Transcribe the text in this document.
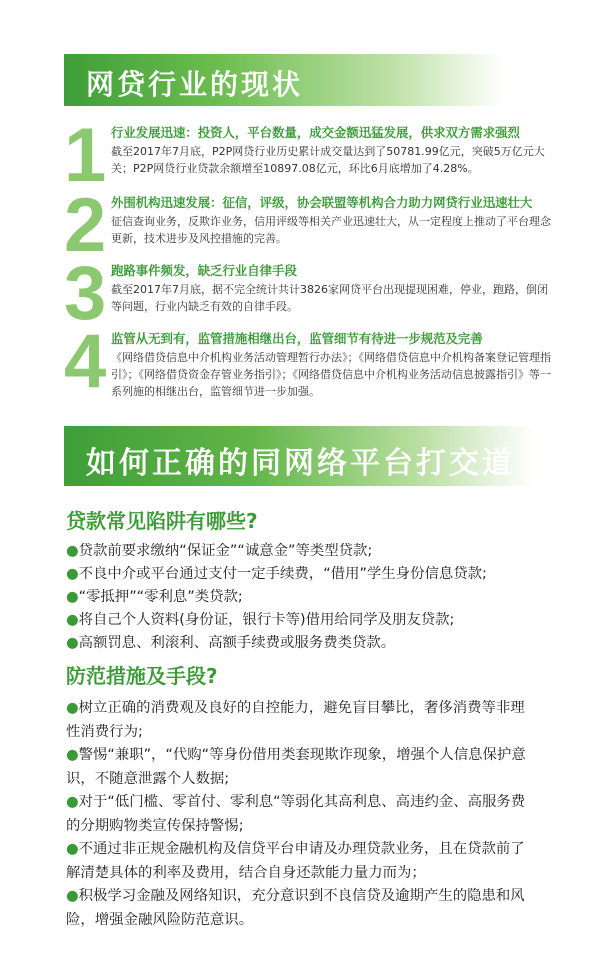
网贷行业的现状
1 行业发展迅速：投资人，平台数量，成交金额迅猛发展，供求双方需求强烈
截至2017年7月底，P2P网贷行业历史累计成交量达到了50781.99亿元，突破5万亿元大关；P2P网贷行业贷款余额增至10897.08亿元，环比6月底增加了4.28%。
2 外围机构迅速发展：征信，评级，协会联盟等机构合力助力网贷行业迅速壮大
征信查询业务，反欺诈业务，信用评级等相关产业迅速壮大，从一定程度上推动了平台理念更新，技术进步及风控措施的完善。
3 跑路事件频发，缺乏行业自律手段
截至2017年7月底，据不完全统计共计3826家网贷平台出现提现困难，停业，跑路，倒闭等问题，行业内缺乏有效的自律手段。
4 监管从无到有，监管措施相继出台，监管细节有待进一步规范及完善
《网络借贷信息中介机构业务活动管理暂行办法》；《网络借贷信息中介机构备案登记管理指引》；《网络借贷资金存管业务指引》；《网络借贷信息中介机构业务活动信息披露指引》等一系列施的相继出台，监管细节进一步加强。
如何正确的同网络平台打交道
贷款常见陷阱有哪些?
●贷款前要求缴纳“保证金”“诚意金”等类型贷款;
●不良中介或平台通过支付一定手续费，“借用”学生身份信息贷款;
●“零抵押”“零利息”类贷款;
●将自己个人资料(身份证，银行卡等)借用给同学及朋友贷款;
●高额罚息、利滚利、高额手续费或服务费类贷款。
防范措施及手段?
●树立正确的消费观及良好的自控能力，避免盲目攀比，奢侈消费等非理性消费行为;
●警惕“兼职”，“代购“等身份借用类套现欺诈现象，增强个人信息保护意识，不随意泄露个人数据;
●对于“低门槛、零首付、零利息“等弱化其高利息、高违约金、高服务费的分期购物类宣传保持警惕;
●不通过非正规金融机构及信贷平台申请及办理贷款业务，且在贷款前了解清楚具体的利率及费用，结合自身还款能力量力而为；
●积极学习金融及网络知识，充分意识到不良信贷及逾期产生的隐患和风险，增强金融风险防范意识。
